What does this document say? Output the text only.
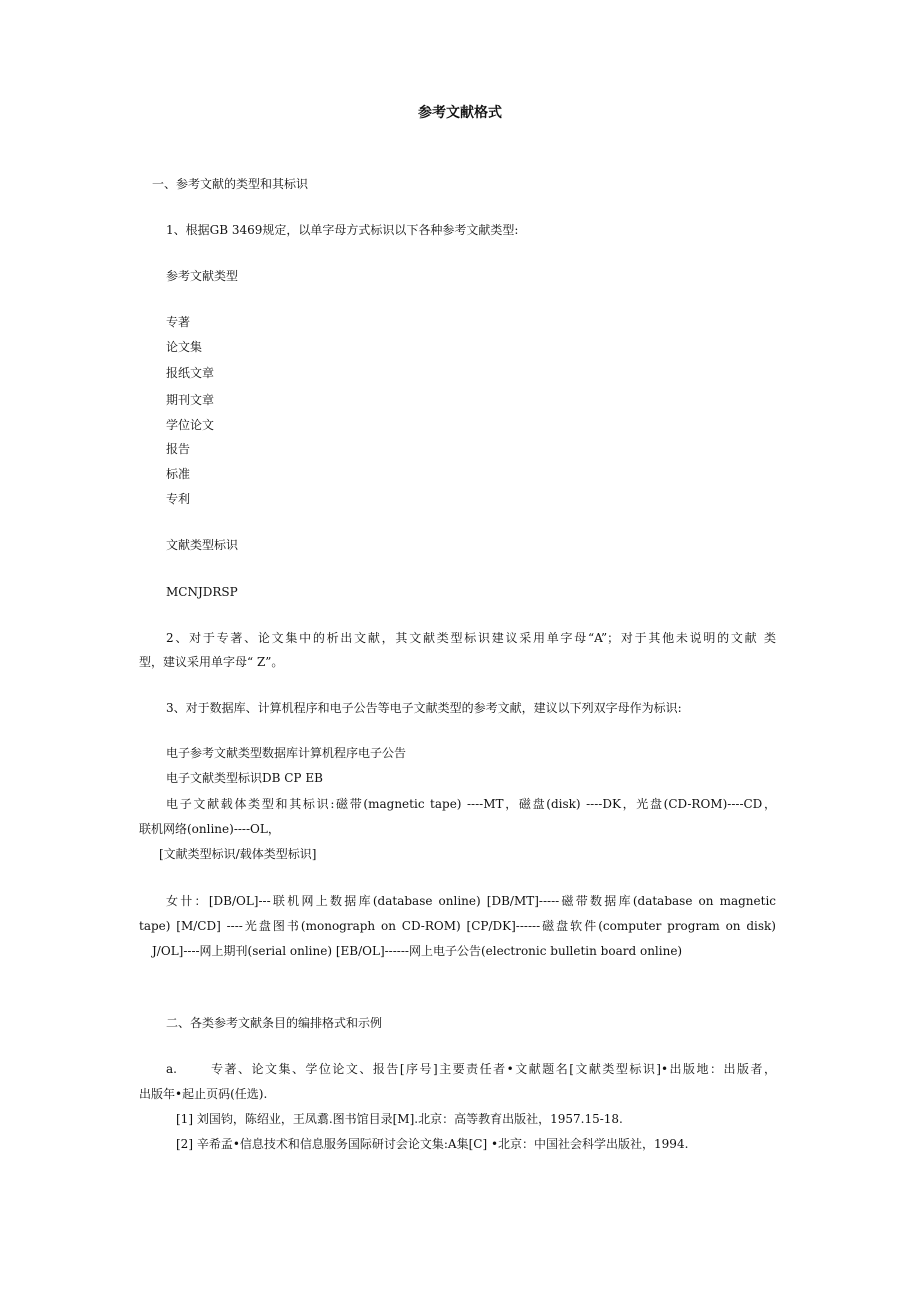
参考文献格式
一、参考文献的类型和其标识
1、根据GB 3469规定，以单字母方式标识以下各种参考文献类型:
参考文献类型
专著
论文集
报纸文章
期刊文章
学位论文
报告
标准
专利
文献类型标识
MCNJDRSP
2、对于专著、论文集中的析出文献，其文献类型标识建议采用单字母“A”；对于其他未说明的文献 类
型，建议采用单字母“ Z”。
3、对于数据库、计算机程序和电子公告等电子文献类型的参考文献，建议以下列双字母作为标识:
电子参考文献类型数据库计算机程序电子公告
电子文献类型标识DB CP EB
电子文献载体类型和其标识:磁带(magnetic tape) ----MT，磁盘(disk) ----DK，光盘(CD-ROM)----CD，
联机网络(online)----OL，
[文献类型标识/载体类型标识]
女卄：[DB/OL]---联机网上数据库(database online) [DB/MT]-----磁带数据库(database on magnetic
tape) [M/CD] ----光盘图书(monograph on CD-ROM) [CP/DK]------磁盘软件(computer program on disk)
J/OL]----网上期刊(serial online) [EB/OL]------网上电子公告(electronic bulletin board online)
二、各类参考文献条目的编排格式和示例
a.	专著、论文集、学位论文、报告[序号]主要责任者•文献题名[文献类型标识]•出版地：出版者，
出版年•起止页码(任选).
[1] 刘国钧，陈绍业，王凤翥.图书馆目录[M].北京：高等教育出版社，1957.15-18.
[2] 辛希孟•信息技术和信息服务国际研讨会论文集:A集[C] •北京：中国社会科学出版社，1994.
